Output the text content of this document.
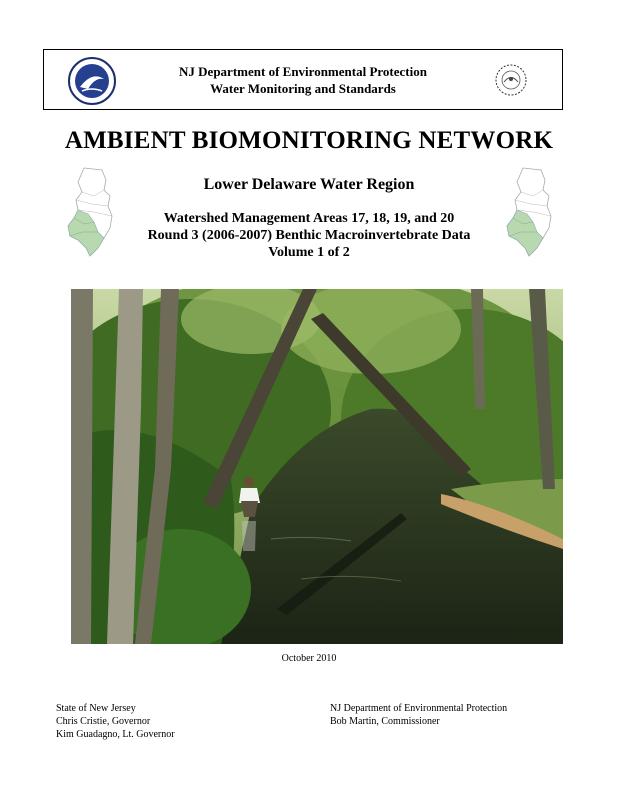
NJ Department of Environmental Protection
Water Monitoring and Standards
AMBIENT BIOMONITORING NETWORK
Lower Delaware Water Region
Watershed Management Areas 17, 18, 19, and 20
Round 3 (2006-2007) Benthic Macroinvertebrate Data
Volume 1 of 2
October 2010
State of New Jersey
Chris Cristie, Governor
Kim Guadagno, Lt. Governor
NJ Department of Environmental Protection
Bob Martin, Commissioner
